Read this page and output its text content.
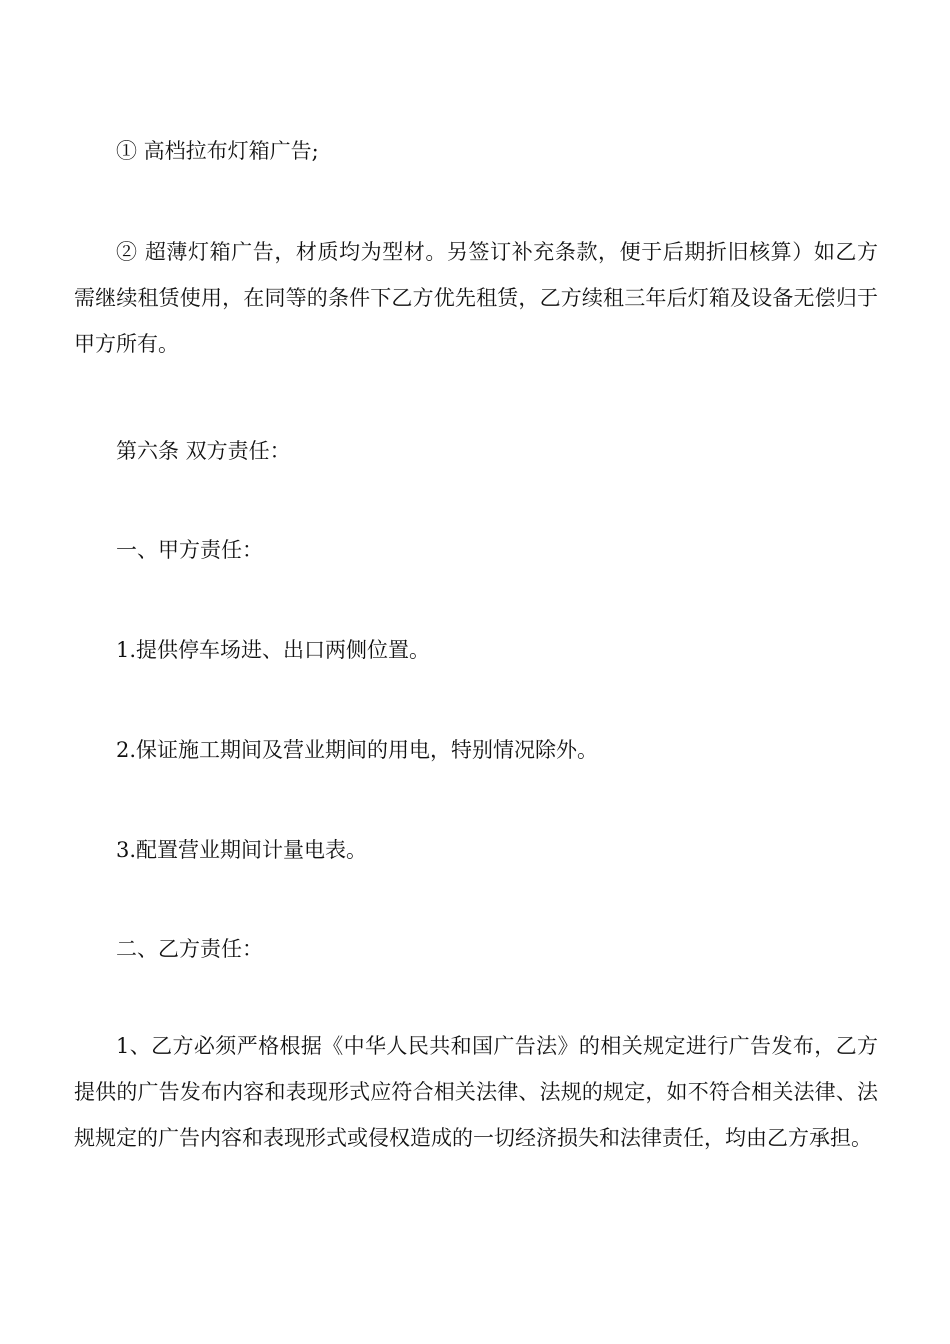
① 高档拉布灯箱广告;

② 超薄灯箱广告，材质均为型材。另签订补充条款，便于后期折旧核算）如乙方需继续租赁使用，在同等的条件下乙方优先租赁，乙方续租三年后灯箱及设备无偿归于甲方所有。

第六条 双方责任：

一、甲方责任：

1.提供停车场进、出口两侧位置。

2.保证施工期间及营业期间的用电，特别情况除外。

3.配置营业期间计量电表。

二、乙方责任：

1、乙方必须严格根据《中华人民共和国广告法》的相关规定进行广告发布，乙方提供的广告发布内容和表现形式应符合相关法律、法规的规定，如不符合相关法律、法规规定的广告内容和表现形式或侵权造成的一切经济损失和法律责任，均由乙方承担。
